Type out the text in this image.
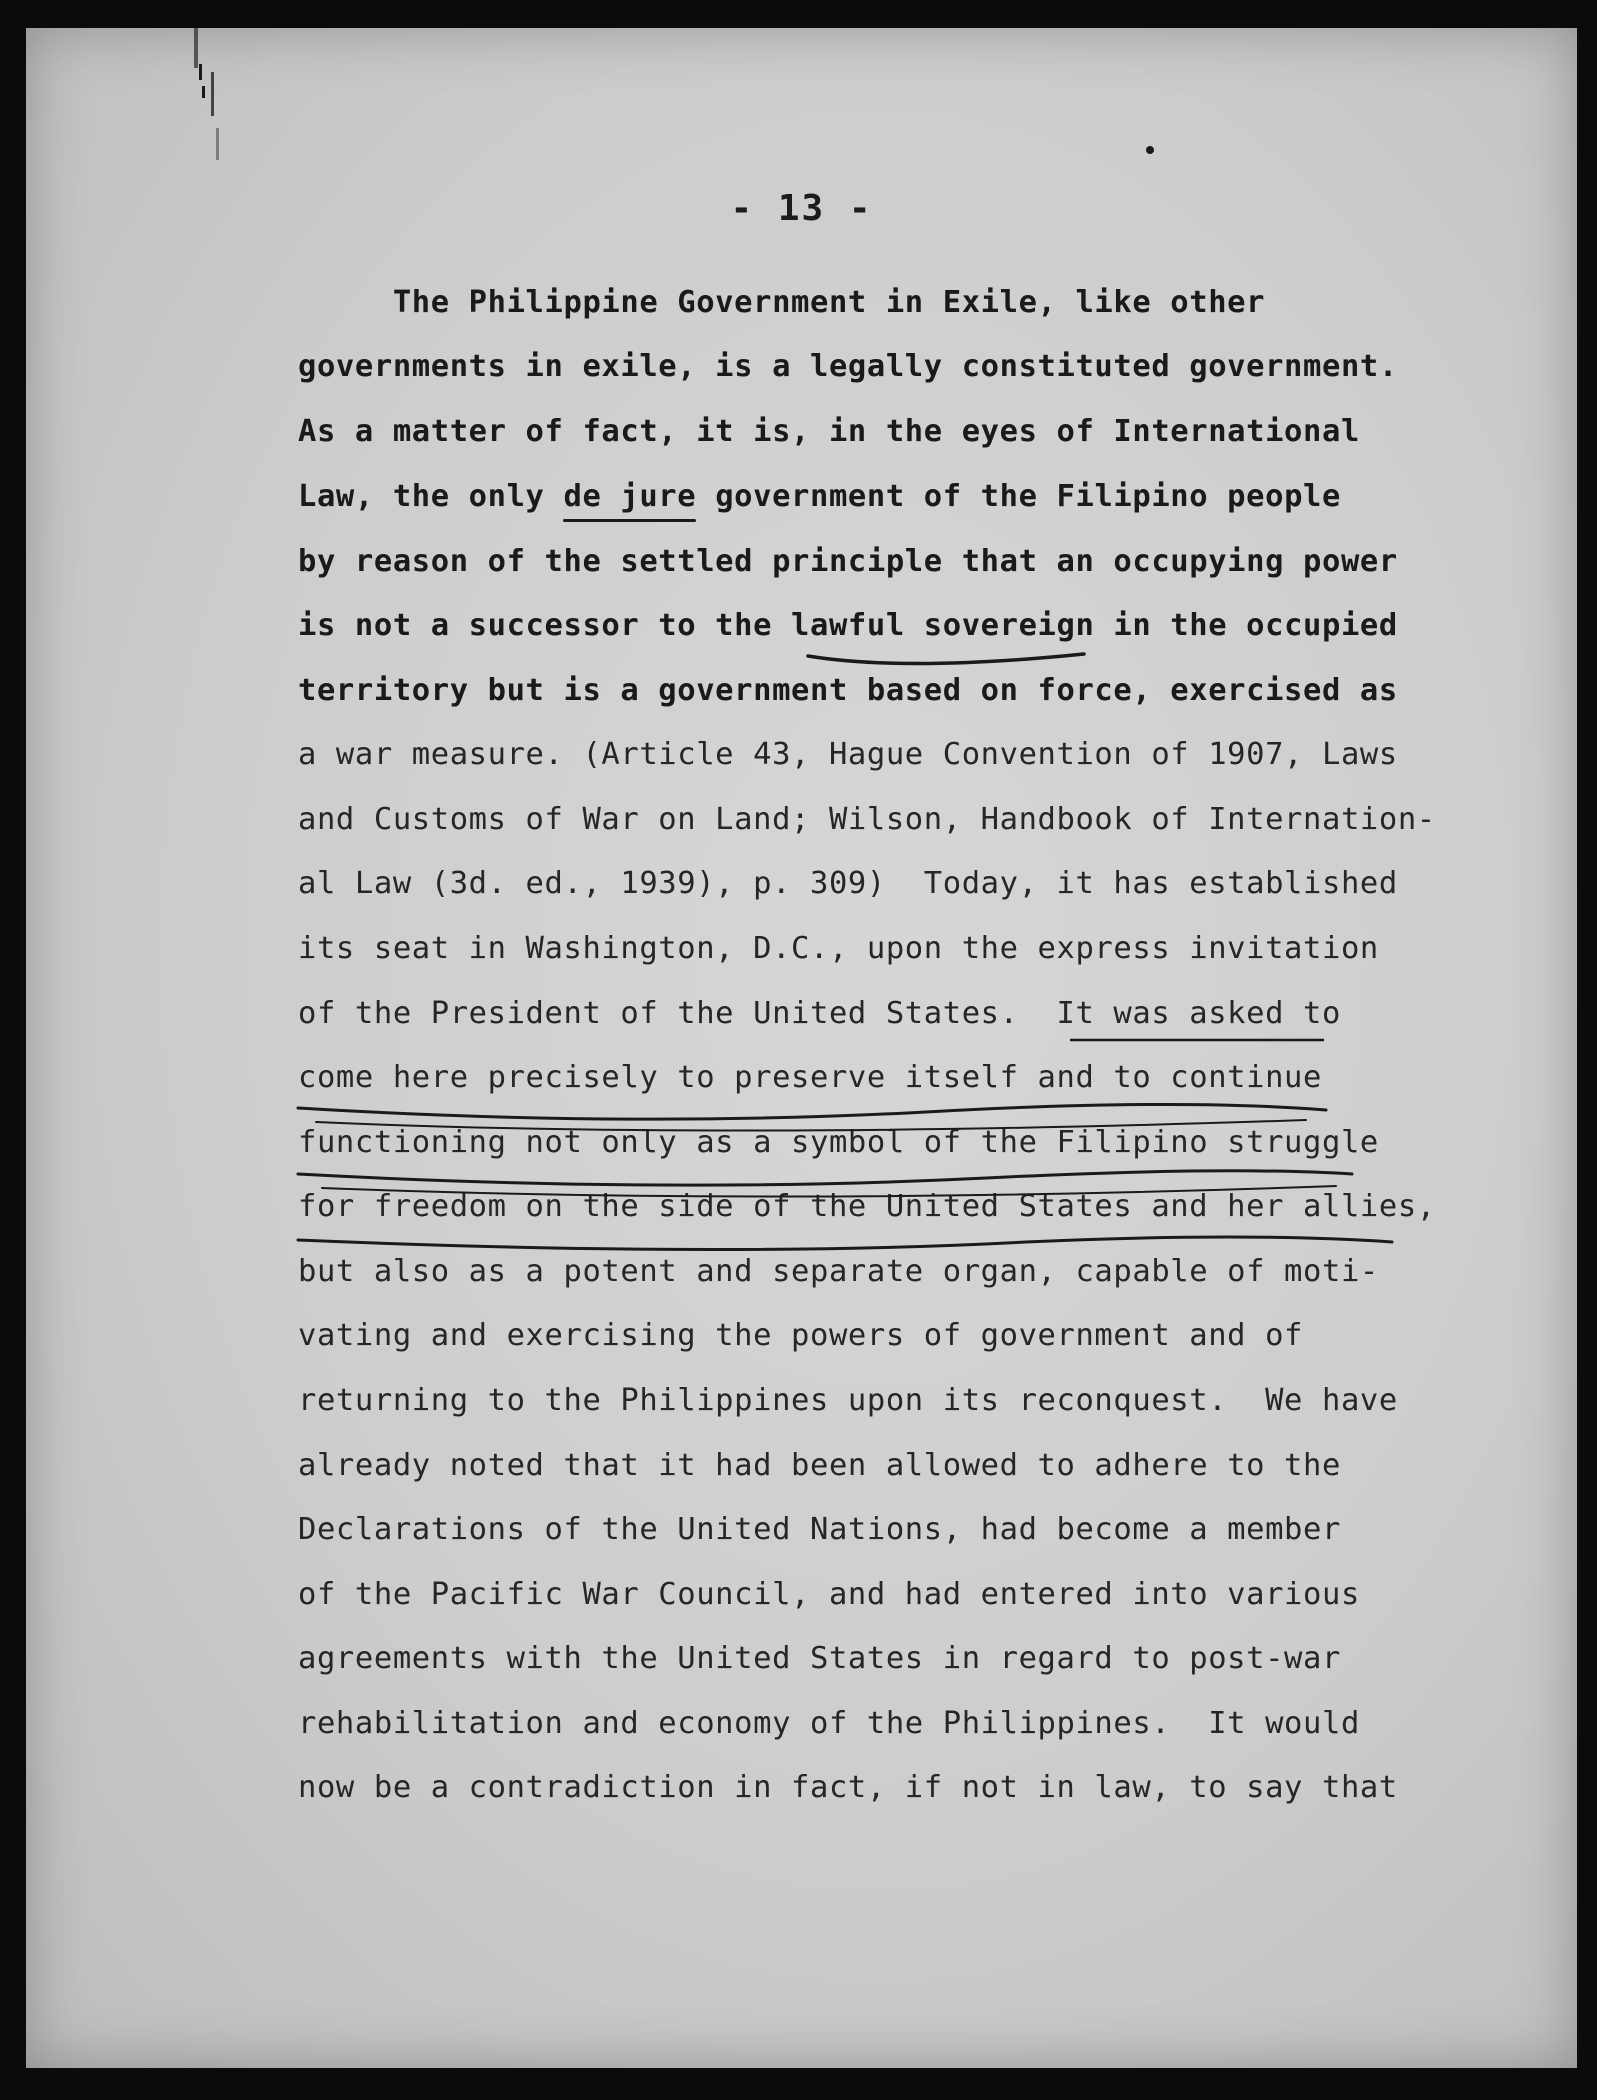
- 13 -
The Philippine Government in Exile, like other
governments in exile, is a legally constituted government.
As a matter of fact, it is, in the eyes of International
Law, the only de jure government of the Filipino people
by reason of the settled principle that an occupying power
is not a successor to the lawful sovereign in the occupied
territory but is a government based on force, exercised as
a war measure. (Article 43, Hague Convention of 1907, Laws
and Customs of War on Land; Wilson, Handbook of Internation-
al Law (3d. ed., 1939), p. 309)  Today, it has established
its seat in Washington, D.C., upon the express invitation
of the President of the United States.  It was asked to
come here precisely to preserve itself and to continue
functioning not only as a symbol of the Filipino struggle
for freedom on the side of the United States and her allies,
but also as a potent and separate organ, capable of moti-
vating and exercising the powers of government and of
returning to the Philippines upon its reconquest.  We have
already noted that it had been allowed to adhere to the
Declarations of the United Nations, had become a member
of the Pacific War Council, and had entered into various
agreements with the United States in regard to post-war
rehabilitation and economy of the Philippines.  It would
now be a contradiction in fact, if not in law, to say that
